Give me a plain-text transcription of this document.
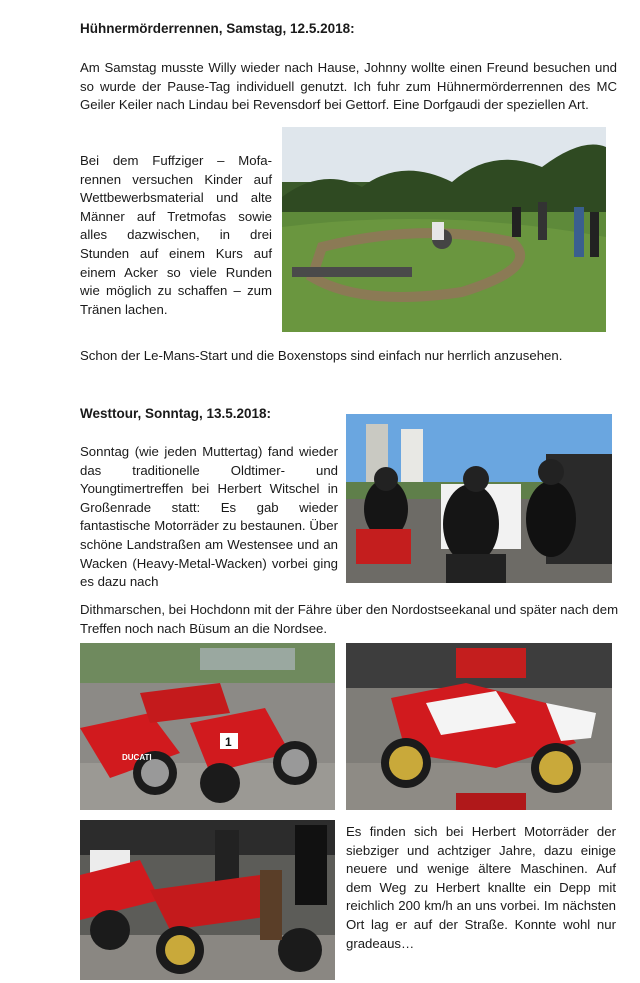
Hühnermörderrennen, Samstag, 12.5.2018:

Am Samstag musste Willy wieder nach Hause, Johnny wollte einen Freund besuchen und so wurde der Pause-Tag individuell genutzt. Ich fuhr zum Hühnermörderrennen des MC Geiler Keiler nach Lindau bei Revensdorf bei Gettorf. Eine Dorfgaudi der speziellen Art.

Bei dem Fuffziger – Mofa-rennen versuchen Kinder auf Wettbewerbsmaterial und alte Männer auf Tretmofas sowie alles dazwischen, in drei Stunden auf einem Kurs auf einem Acker so viele Runden wie möglich zu schaffen – zum Tränen lachen.

Schon der Le-Mans-Start und die Boxenstops sind einfach nur herrlich anzusehen.

Westtour, Sonntag, 13.5.2018:

Sonntag (wie jeden Muttertag) fand wieder das traditionelle Oldtimer- und Youngtimertreffen bei Herbert Witschel in Großenrade statt: Es gab wieder fantastische Motorräder zu bestaunen. Über schöne Landstraßen am Westensee und an Wacken (Heavy-Metal-Wacken) vorbei ging es dazu nach

Dithmarschen, bei Hochdonn mit der Fähre über den Nordostseekanal und später nach dem Treffen noch nach Büsum an die Nordsee.

DUCATI
1

Es finden sich bei Herbert Motorräder der siebziger und achtziger Jahre, dazu einige neuere und wenige ältere Maschinen. Auf dem Weg zu Herbert knallte ein Depp mit reichlich 200 km/h an uns vorbei. Im nächsten Ort lag er auf der Straße. Konnte wohl nur gradeaus…
